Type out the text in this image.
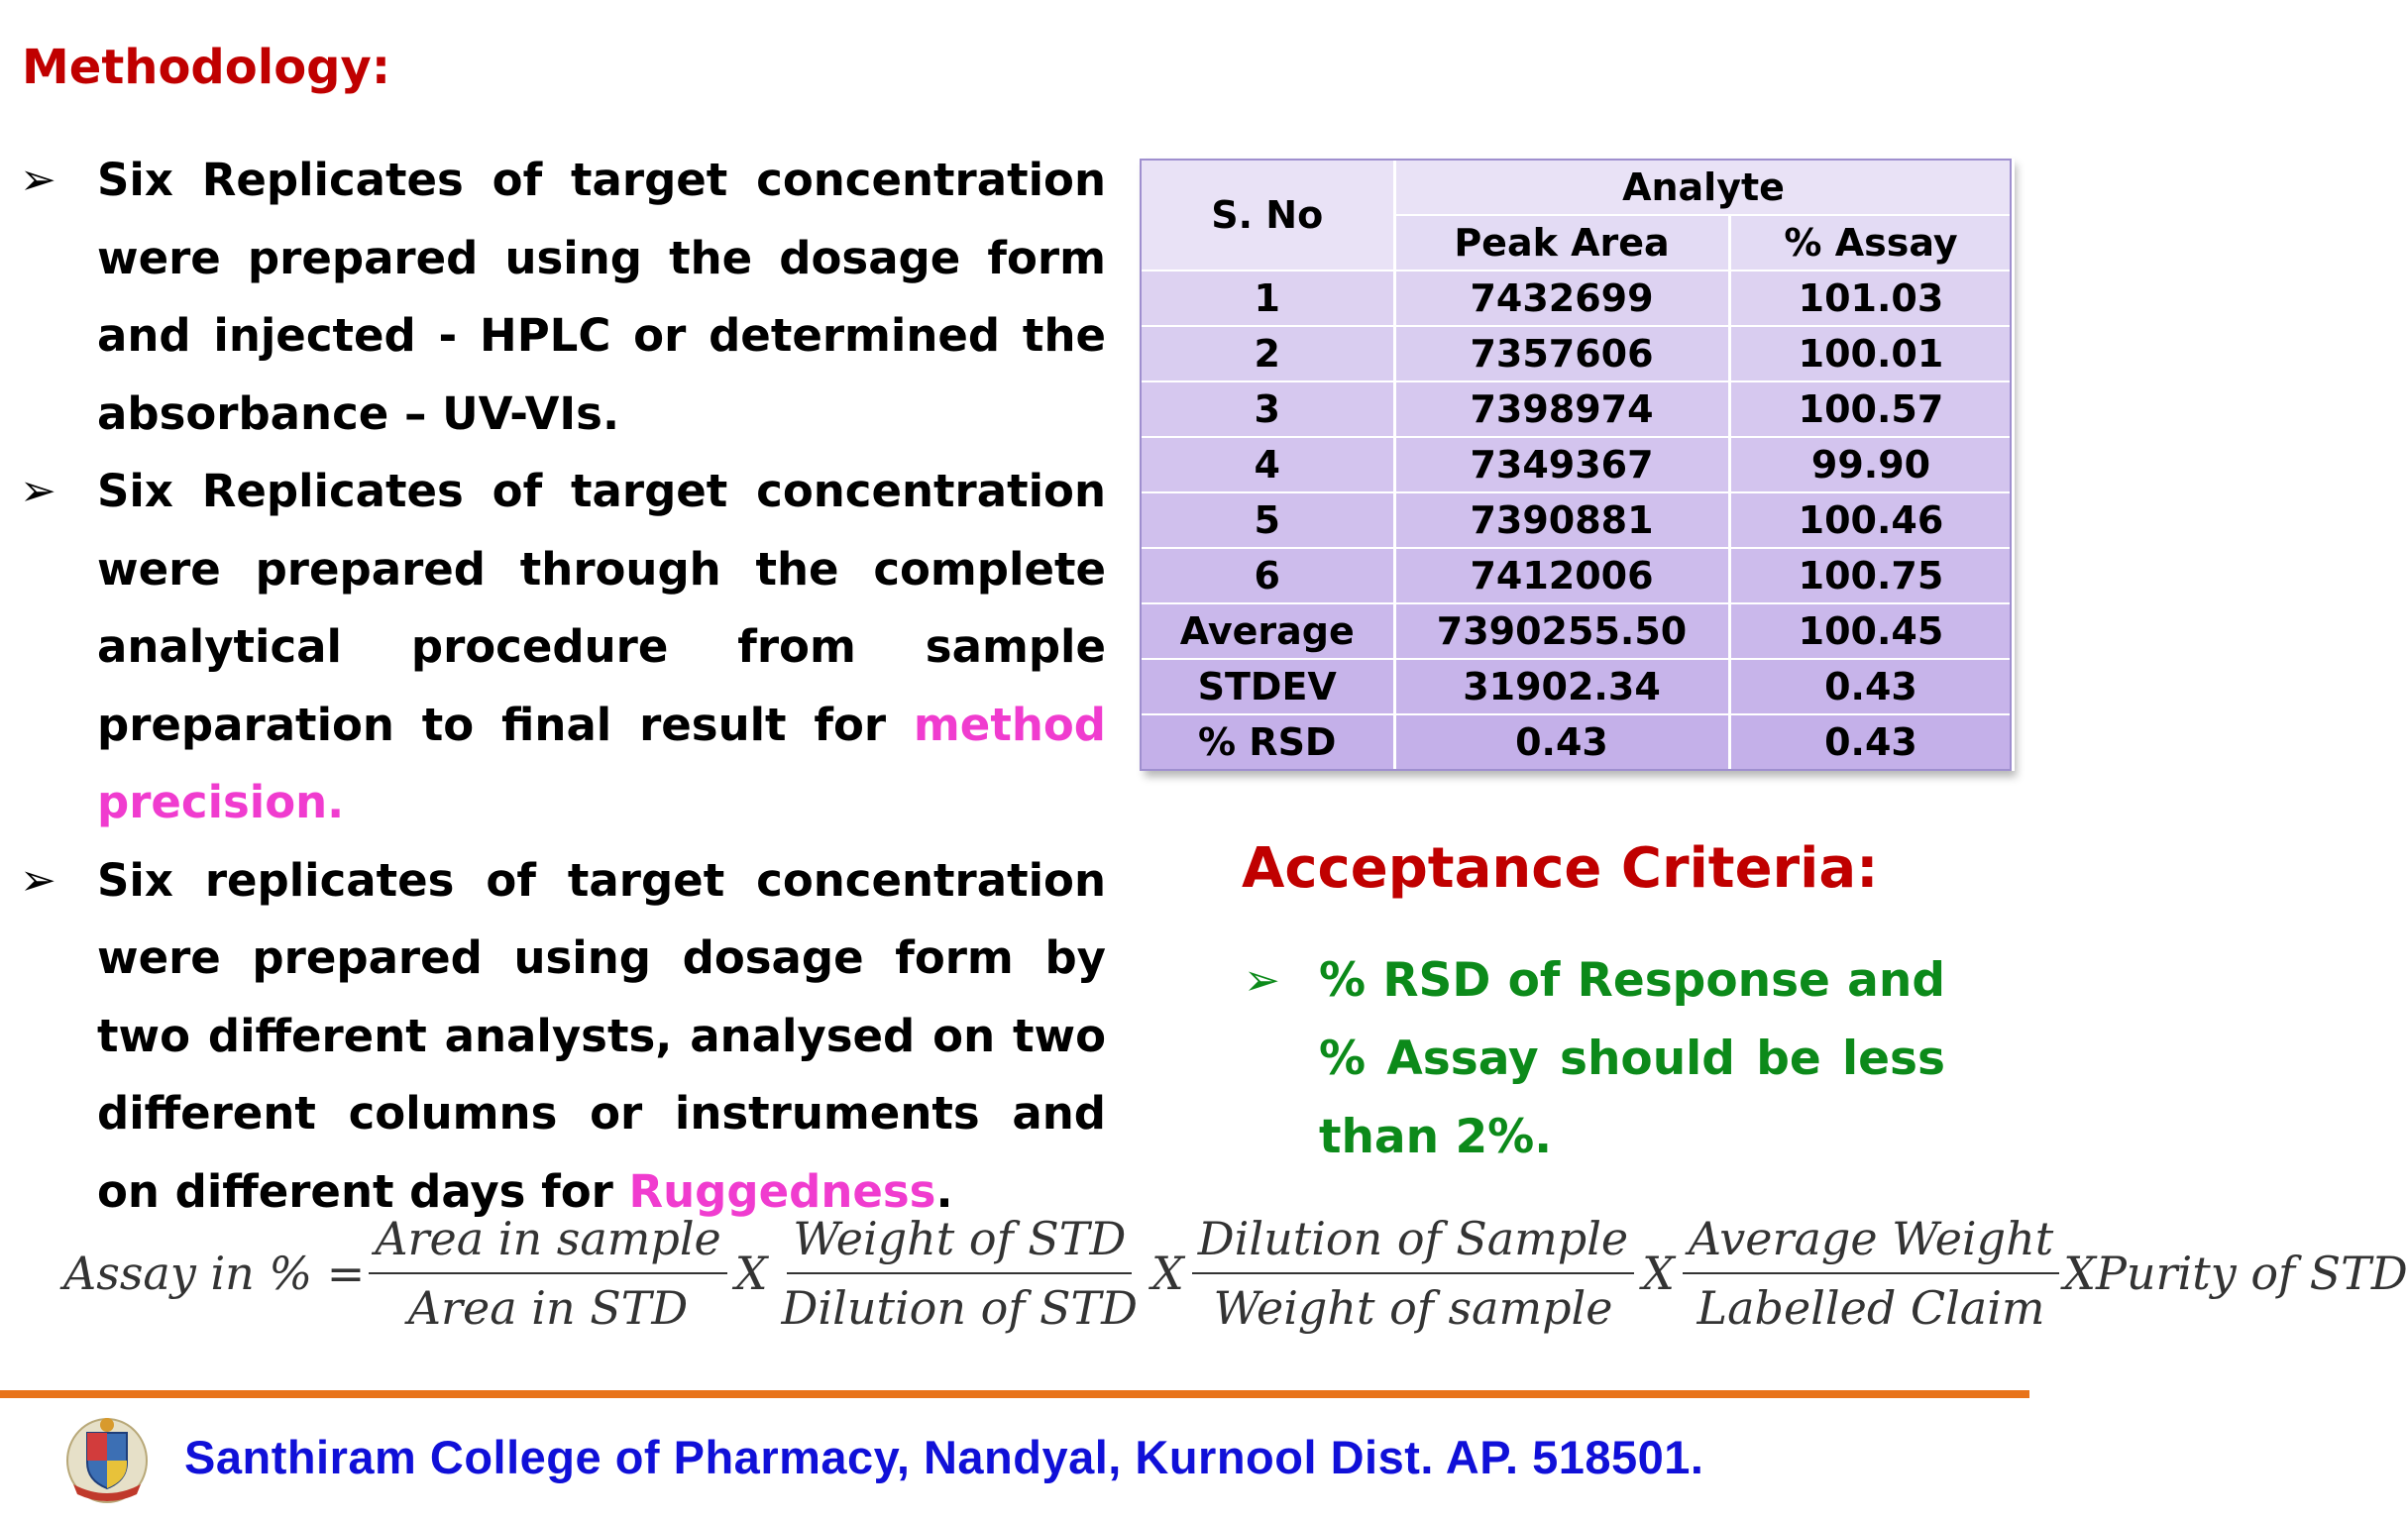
Methodology:
➢ Six Replicates of target concentration were prepared using the dosage form and injected - HPLC or determined the absorbance – UV-VIs.
➢ Six Replicates of target concentration were prepared through the complete analytical procedure from sample preparation to final result for method precision.
➢ Six replicates of target concentration were prepared using dosage form by two different analysts, analysed on two different columns or instruments and on different days for Ruggedness.
S. No	Analyte	
	Peak Area	% Assay
1	7432699	101.03
2	7357606	100.01
3	7398974	100.57
4	7349367	99.90
5	7390881	100.46
6	7412006	100.75
Average	7390255.50	100.45
STDEV	31902.34	0.43
% RSD	0.43	0.43
Acceptance Criteria:
➢ % RSD of Response and % Assay should be less than 2%.
Assay in % = $\frac{\text{Area in sample}}{\text{Area in STD}}$ X $\frac{\text{Weight of STD}}{\text{Dilution of STD}}$ X $\frac{\text{Dilution of Sample}}{\text{Weight of sample}}$ X $\frac{\text{Average Weight}}{\text{Labelled Claim}}$ XPurity of STD
Santhiram College of Pharmacy, Nandyal, Kurnool Dist. AP. 518501.
